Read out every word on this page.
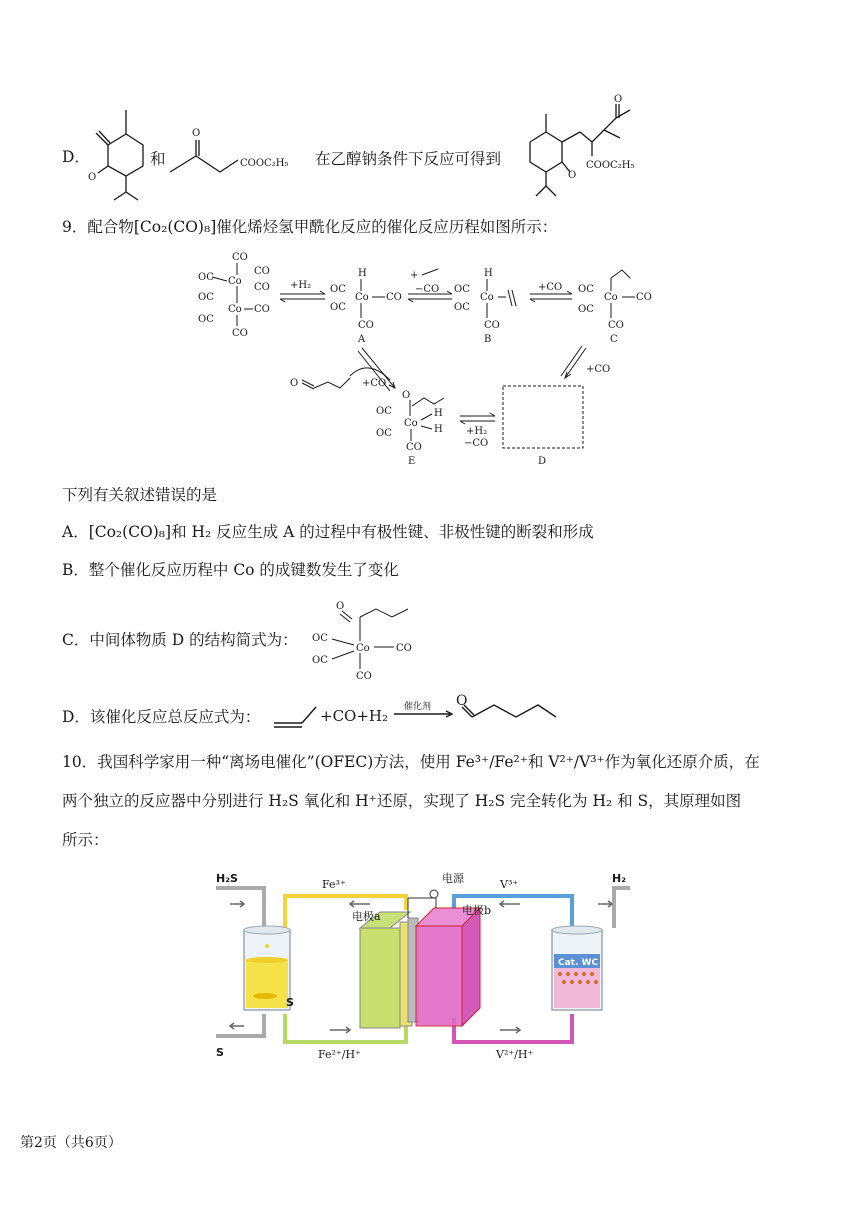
D．
O
和
O
COOC₂H₅ 在乙醇钠条件下反应可得到
O
O
COOC₂H₅
9．配合物[Co₂(CO)₈]催化烯烃氢甲酰化反应的催化反应历程如图所示：
CO
OC Co
CO
CO
OC
Co CO
OC
CO
+H₂
H
OC
Co CO
OC
CO
A
+
−CO
H
OC
Co
OC
CO
B
+CO OC
Co CO
OC
CO
C
+CO
O	+CO
O
OC
Co
H
H
OC
CO
E
+H₂
−CO
D
下列有关叙述错误的是
A．[Co₂(CO)₈]和 H₂ 反应生成 A 的过程中有极性键、非极性键的断裂和形成
B．整个催化反应历程中 Co 的成键数发生了变化
C．中间体物质 D 的结构简式为：
O
OC
Co	CO
OC
CO
D．该催化反应总反应式为：	+CO+H₂ 催化剂 O
10．我国科学家用一种“离场电催化”(OFEC)方法，使用 Fe³⁺/Fe²⁺和 V²⁺/V³⁺作为氧化还原介质，在
两个独立的反应器中分别进行 H₂S 氧化和 H⁺还原，实现了 H₂S 完全转化为 H₂ 和 S，其原理如图
所示：
S
Cat. WC
H₂S	Fe³⁺	电源	V³⁺	H₂
电极a	电极b
S	Fe²⁺/H⁺	V²⁺/H⁺
第2页（共6页）
